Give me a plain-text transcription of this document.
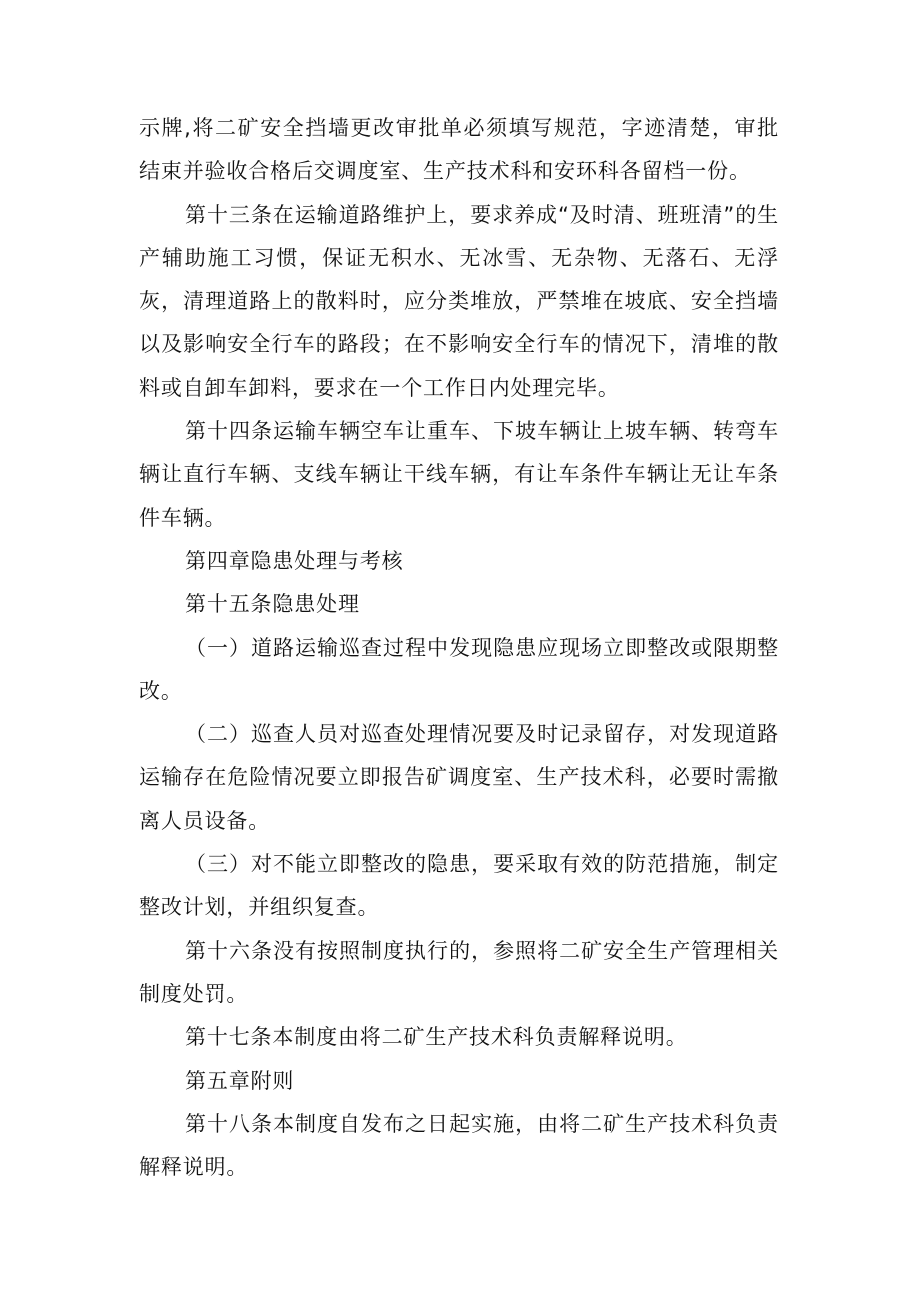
示牌,将二矿安全挡墙更改审批单必须填写规范，字迹清楚，审批结束并验收合格后交调度室、生产技术科和安环科各留档一份。

第十三条在运输道路维护上，要求养成“及时清、班班清”的生产辅助施工习惯，保证无积水、无冰雪、无杂物、无落石、无浮灰，清理道路上的散料时，应分类堆放，严禁堆在坡底、安全挡墙以及影响安全行车的路段；在不影响安全行车的情况下，清堆的散料或自卸车卸料，要求在一个工作日内处理完毕。

第十四条运输车辆空车让重车、下坡车辆让上坡车辆、转弯车辆让直行车辆、支线车辆让干线车辆，有让车条件车辆让无让车条件车辆。

第四章隐患处理与考核

第十五条隐患处理

（一）道路运输巡查过程中发现隐患应现场立即整改或限期整改。

（二）巡查人员对巡查处理情况要及时记录留存，对发现道路运输存在危险情况要立即报告矿调度室、生产技术科，必要时需撤离人员设备。

（三）对不能立即整改的隐患，要采取有效的防范措施，制定整改计划，并组织复查。

第十六条没有按照制度执行的，参照将二矿安全生产管理相关制度处罚。

第十七条本制度由将二矿生产技术科负责解释说明。

第五章附则

第十八条本制度自发布之日起实施，由将二矿生产技术科负责解释说明。
